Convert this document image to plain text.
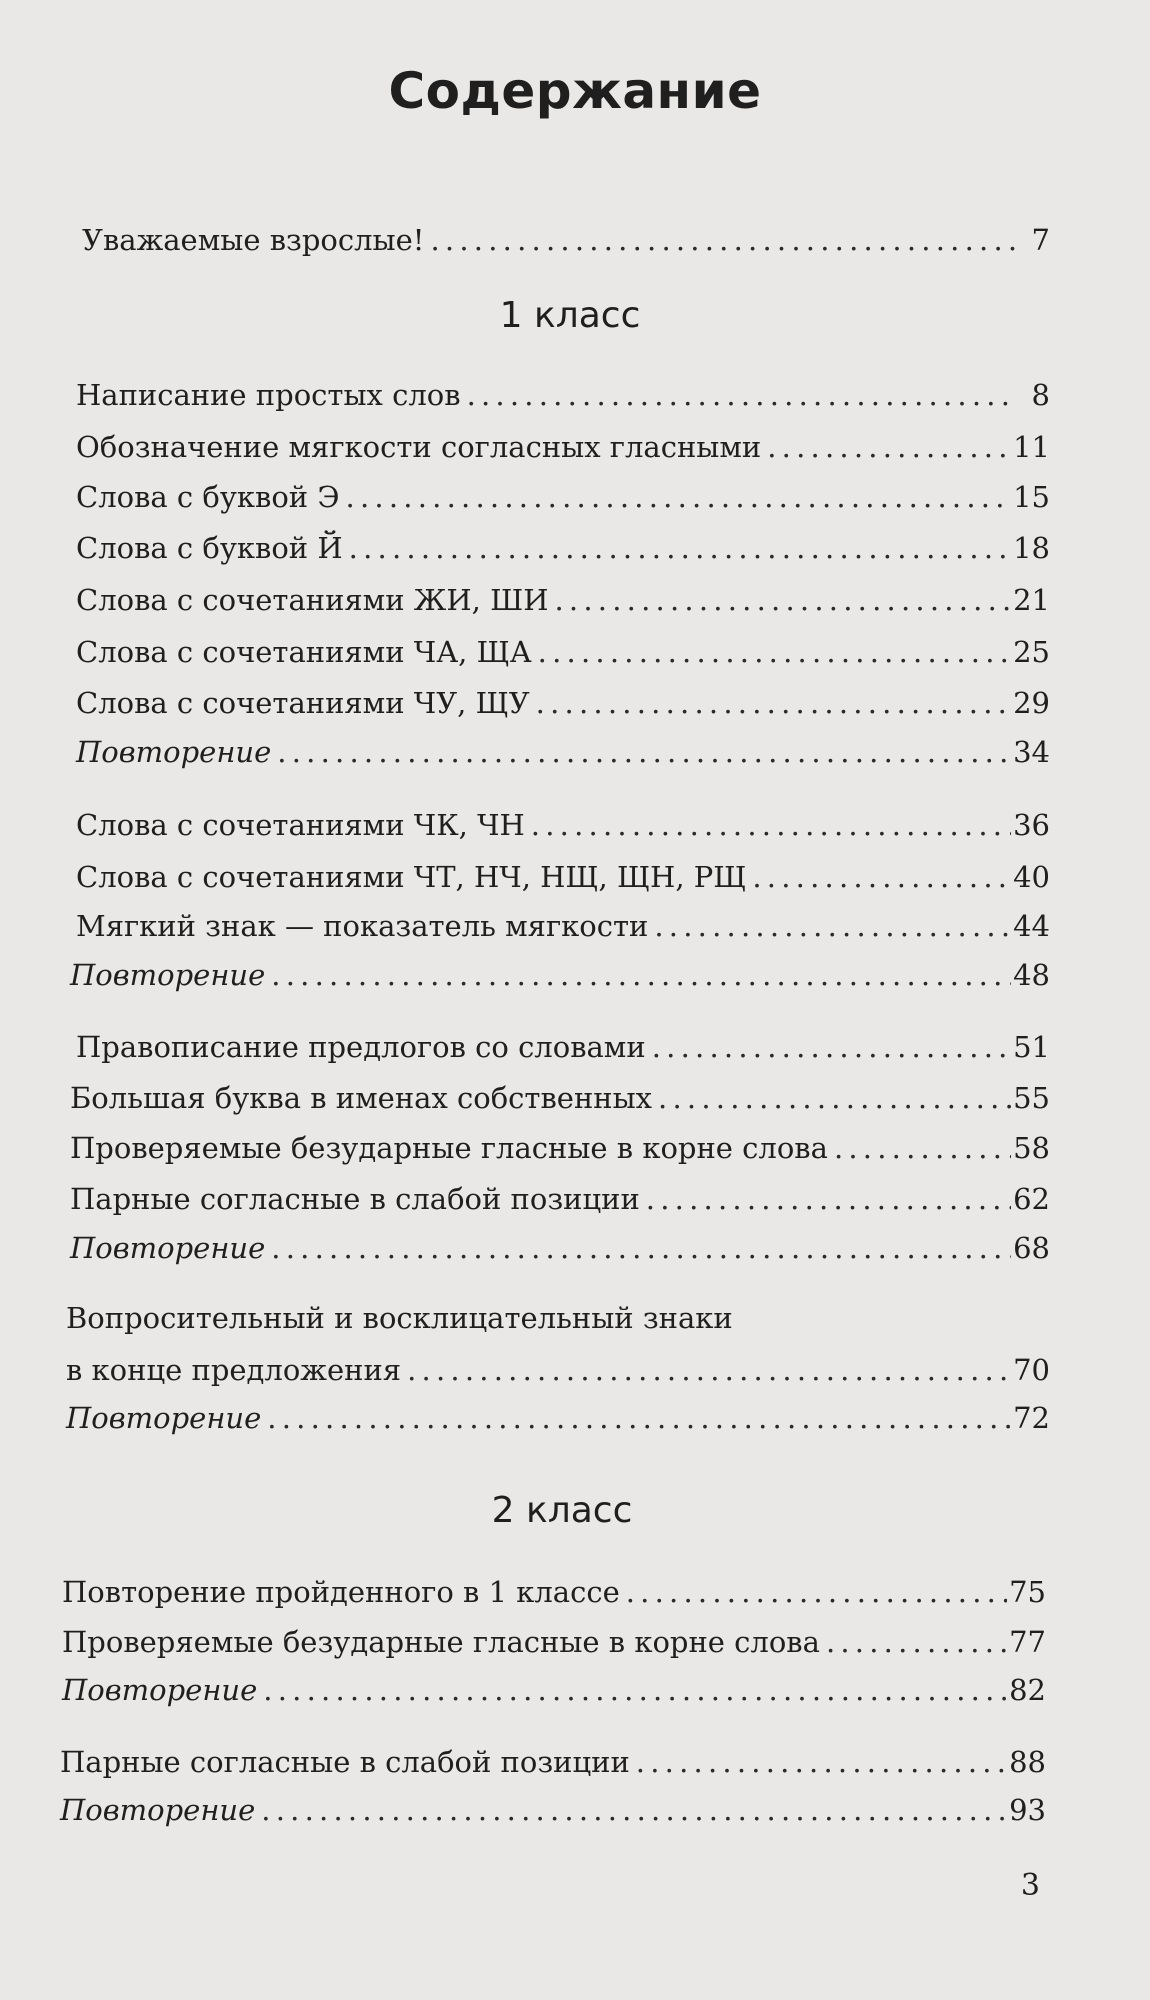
Содержание
Уважаемые взрослые! . . .	7
1 класс
Написание простых слов . . .	8
Обозначение мягкости согласных гласными . . .	11
Слова с буквой Э . . .	15
Слова с буквой Й . . .	18
Слова с сочетаниями ЖИ, ШИ . . .	21
Слова с сочетаниями ЧА, ЩА . . .	25
Слова с сочетаниями ЧУ, ЩУ . . .	29
Повторение . . .	34
Слова с сочетаниями ЧК, ЧН . . .	36
Слова с сочетаниями ЧТ, НЧ, НЩ, ЩН, РЩ . . .	40
Мягкий знак — показатель мягкости . . .	44
Повторение . . .	48
Правописание предлогов со словами . . .	51
Большая буква в именах собственных . . .	55
Проверяемые безударные гласные в корне слова . . .	58
Парные согласные в слабой позиции . . .	62
Повторение . . .	68
Вопросительный и восклицательный знаки
в конце предложения . . .	70
Повторение . . .	72
2 класс
Повторение пройденного в 1 классе . . .	75
Проверяемые безударные гласные в корне слова . . .	77
Повторение . . .	82
Парные согласные в слабой позиции . . .	88
Повторение . . .	93
3
